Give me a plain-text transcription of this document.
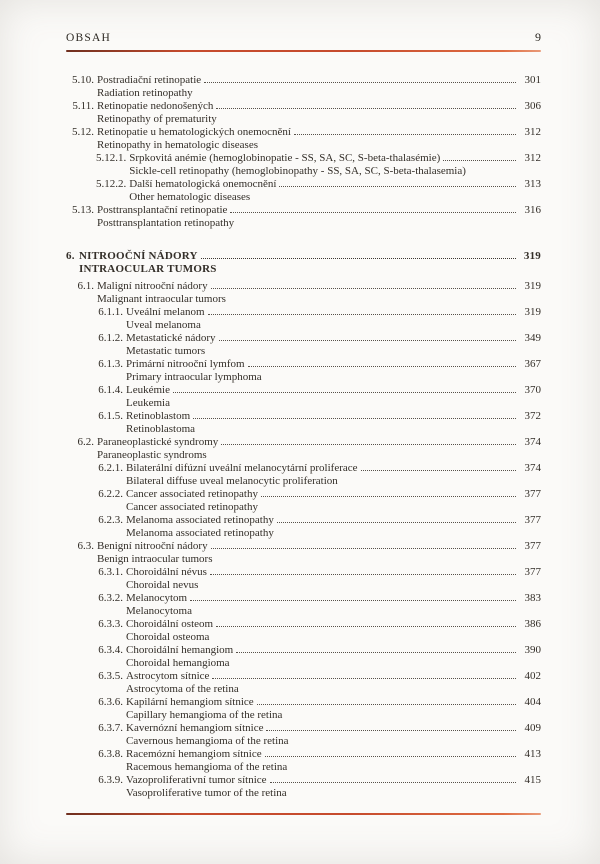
OBSAH	9
5.10. Postradiační retinopatie	301
Radiation retinopathy
5.11. Retinopatie nedonošených	306
Retinopathy of prematurity
5.12. Retinopatie u hematologických onemocnění	312
Retinopathy in hematologic diseases
5.12.1. Srpkovitá anémie (hemoglobinopatie - SS, SA, SC, S-beta-thalasémie)	312
Sickle-cell retinopathy (hemoglobinopathy - SS, SA, SC, S-beta-thalasemia)
5.12.2. Další hematologická onemocnění	313
Other hematologic diseases
5.13. Posttransplantační retinopatie	316
Posttransplantation retinopathy
6. NITROOČNÍ NÁDORY	319
INTRAOCULAR TUMORS
6.1. Maligní nitrooční nádory	319
Malignant intraocular tumors
6.1.1. Uveální melanom	319
Uveal melanoma
6.1.2. Metastatické nádory	349
Metastatic tumors
6.1.3. Primární nitrooční lymfom	367
Primary intraocular lymphoma
6.1.4. Leukémie	370
Leukemia
6.1.5. Retinoblastom	372
Retinoblastoma
6.2. Paraneoplastické syndromy	374
Paraneoplastic syndroms
6.2.1. Bilaterální difúzní uveální melanocytární proliferace	374
Bilateral diffuse uveal melanocytic proliferation
6.2.2. Cancer associated retinopathy	377
Cancer associated retinopathy
6.2.3. Melanoma associated retinopathy	377
Melanoma associated retinopathy
6.3. Benigní nitrooční nádory	377
Benign intraocular tumors
6.3.1. Choroidální névus	377
Choroidal nevus
6.3.2. Melanocytom	383
Melanocytoma
6.3.3. Choroidální osteom	386
Choroidal osteoma
6.3.4. Choroidální hemangiom	390
Choroidal hemangioma
6.3.5. Astrocytom sítnice	402
Astrocytoma of the retina
6.3.6. Kapilární hemangiom sítnice	404
Capillary hemangioma of the retina
6.3.7. Kavernózní hemangiom sítnice	409
Cavernous hemangioma of the retina
6.3.8. Racemózní hemangiom sítnice	413
Racemous hemangioma of the retina
6.3.9. Vazoproliferativní tumor sítnice	415
Vasoproliferative tumor of the retina
